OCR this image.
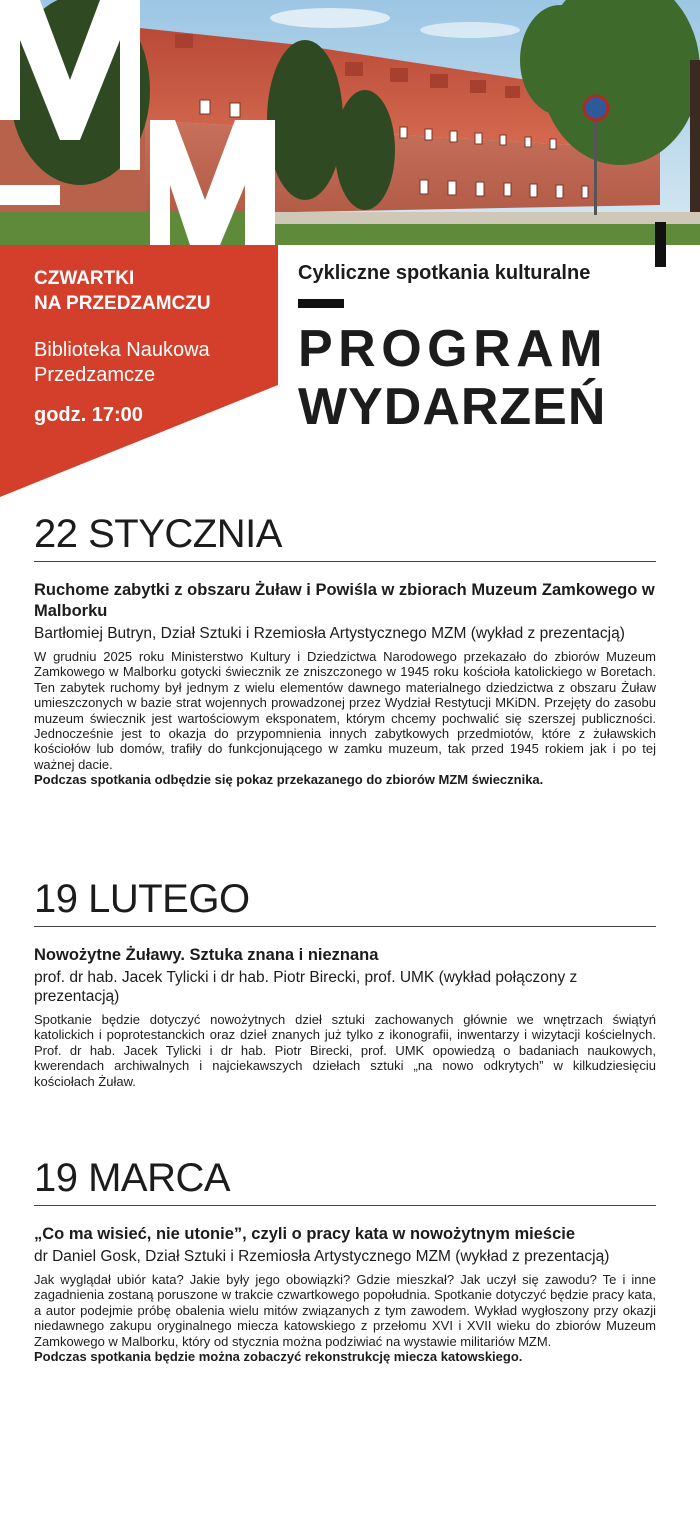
CZWARTKI
NA PRZEDZAMCZU

Biblioteka Naukowa
Przedzamcze

godz. 17:00

Cykliczne spotkania kulturalne

PROGRAM
WYDARZEŃ
22 STYCZNIA
Ruchome zabytki z obszaru Żuław i Powiśla w zbiorach Muzeum Zamkowego w Malborku

Bartłomiej Butryn, Dział Sztuki i Rzemiosła Artystycznego MZM (wykład z prezentacją)

W grudniu 2025 roku Ministerstwo Kultury i Dziedzictwa Narodowego przekazało do zbiorów Muzeum Zamkowego w Malborku gotycki świecznik ze zniszczonego w 1945 roku kościoła katolickiego w Boretach. Ten zabytek ruchomy był jednym z wielu elementów dawnego materialnego dziedzictwa z obszaru Żuław umieszczonych w bazie strat wojennych prowadzonej przez Wydział Restytucji MKiDN. Przejęty do zasobu muzeum świecznik jest wartościowym eksponatem, którym chcemy pochwalić się szerszej publiczności. Jednocześnie jest to okazja do przypomnienia innych zabytkowych przedmiotów, które z żuławskich kościołów lub domów, trafiły do funkcjonującego w zamku muzeum, tak przed 1945 rokiem jak i po tej ważnej dacie.

Podczas spotkania odbędzie się pokaz przekazanego do zbiorów MZM świecznika.

19 LUTEGO
Nowożytne Żuławy. Sztuka znana i nieznana

prof. dr hab. Jacek Tylicki i dr hab. Piotr Birecki, prof. UMK (wykład połączony z prezentacją)

Spotkanie będzie dotyczyć nowożytnych dzieł sztuki zachowanych głównie we wnętrzach świątyń katolickich i poprotestanckich oraz dzieł znanych już tylko z ikonografii, inwentarzy i wizytacji kościelnych. Prof. dr hab. Jacek Tylicki i dr hab. Piotr Birecki, prof. UMK opowiedzą o badaniach naukowych, kwerendach archiwalnych i najciekawszych dziełach sztuki „na nowo odkrytych” w kilkudziesięciu kościołach Żuław.

19 MARCA
„Co ma wisieć, nie utonie”, czyli o pracy kata w nowożytnym mieście

dr Daniel Gosk, Dział Sztuki i Rzemiosła Artystycznego MZM (wykład z prezentacją)

Jak wyglądał ubiór kata? Jakie były jego obowiązki? Gdzie mieszkał? Jak uczył się zawodu? Te i inne zagadnienia zostaną poruszone w trakcie czwartkowego popołudnia. Spotkanie dotyczyć będzie pracy kata, a autor podejmie próbę obalenia wielu mitów związanych z tym zawodem. Wykład wygłoszony przy okazji niedawnego zakupu oryginalnego miecza katowskiego z przełomu XVI i XVII wieku do zbiorów Muzeum Zamkowego w Malborku, który od stycznia można podziwiać na wystawie militariów MZM.

Podczas spotkania będzie można zobaczyć rekonstrukcję miecza katowskiego.
